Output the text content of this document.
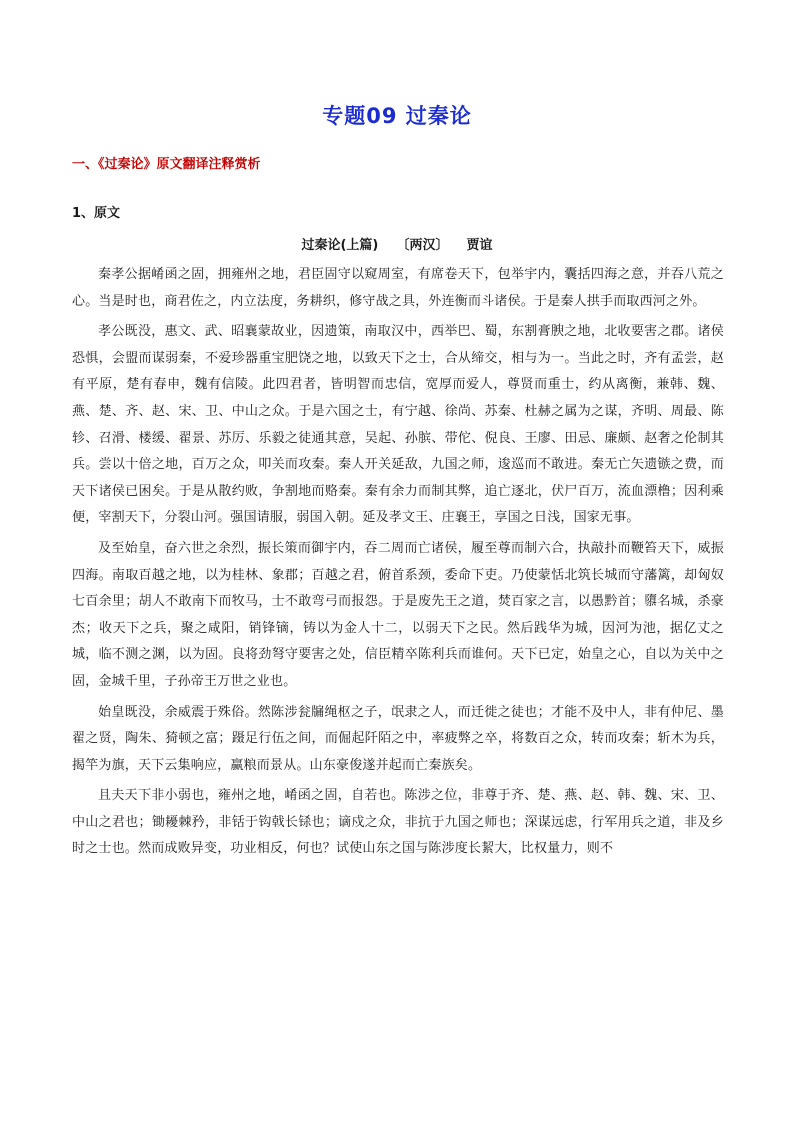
专题09 过秦论
一、《过秦论》原文翻译注释赏析
1、原文
过秦论(上篇)    〔两汉〕    贾谊

秦孝公据崤函之固，拥雍州之地，君臣固守以窥周室，有席卷天下，包举宇内，囊括四海之意，并吞八荒之心。当是时也，商君佐之，内立法度，务耕织，修守战之具，外连衡而斗诸侯。于是秦人拱手而取西河之外。

孝公既没，惠文、武、昭襄蒙故业，因遗策，南取汉中，西举巴、蜀，东割膏腴之地，北收要害之郡。诸侯恐惧，会盟而谋弱秦，不爱珍器重宝肥饶之地，以致天下之士，合从缔交，相与为一。当此之时，齐有孟尝，赵有平原，楚有春申，魏有信陵。此四君者，皆明智而忠信，宽厚而爱人，尊贤而重士，约从离衡，兼韩、魏、燕、楚、齐、赵、宋、卫、中山之众。于是六国之士，有宁越、徐尚、苏秦、杜赫之属为之谋，齐明、周最、陈轸、召滑、楼缓、翟景、苏厉、乐毅之徒通其意，吴起、孙膑、带佗、倪良、王廖、田忌、廉颇、赵奢之伦制其兵。尝以十倍之地，百万之众，叩关而攻秦。秦人开关延敌，九国之师，逡巡而不敢进。秦无亡矢遗镞之费，而天下诸侯已困矣。于是从散约败，争割地而赂秦。秦有余力而制其弊，追亡逐北，伏尸百万，流血漂橹；因利乘便，宰割天下，分裂山河。强国请服，弱国入朝。延及孝文王、庄襄王，享国之日浅，国家无事。

及至始皇，奋六世之余烈，振长策而御宇内，吞二周而亡诸侯，履至尊而制六合，执敲扑而鞭笞天下，威振四海。南取百越之地，以为桂林、象郡；百越之君，俯首系颈，委命下吏。乃使蒙恬北筑长城而守藩篱，却匈奴七百余里；胡人不敢南下而牧马，士不敢弯弓而报怨。于是废先王之道，焚百家之言，以愚黔首；隳名城，杀豪杰；收天下之兵，聚之咸阳，销锋镝，铸以为金人十二，以弱天下之民。然后践华为城，因河为池，据亿丈之城，临不测之渊，以为固。良将劲弩守要害之处，信臣精卒陈利兵而谁何。天下已定，始皇之心，自以为关中之固，金城千里，子孙帝王万世之业也。

始皇既没，余威震于殊俗。然陈涉瓮牖绳枢之子，氓隶之人，而迁徙之徒也；才能不及中人，非有仲尼、墨翟之贤，陶朱、猗顿之富；蹑足行伍之间，而倔起阡陌之中，率疲弊之卒，将数百之众，转而攻秦；斩木为兵，揭竿为旗，天下云集响应，赢粮而景从。山东豪俊遂并起而亡秦族矣。

且夫天下非小弱也，雍州之地，崤函之固，自若也。陈涉之位，非尊于齐、楚、燕、赵、韩、魏、宋、卫、中山之君也；锄耰棘矜，非铦于钩戟长铩也；谪戍之众，非抗于九国之师也；深谋远虑，行军用兵之道，非及乡时之士也。然而成败异变，功业相反，何也？试使山东之国与陈涉度长絜大，比权量力，则不
